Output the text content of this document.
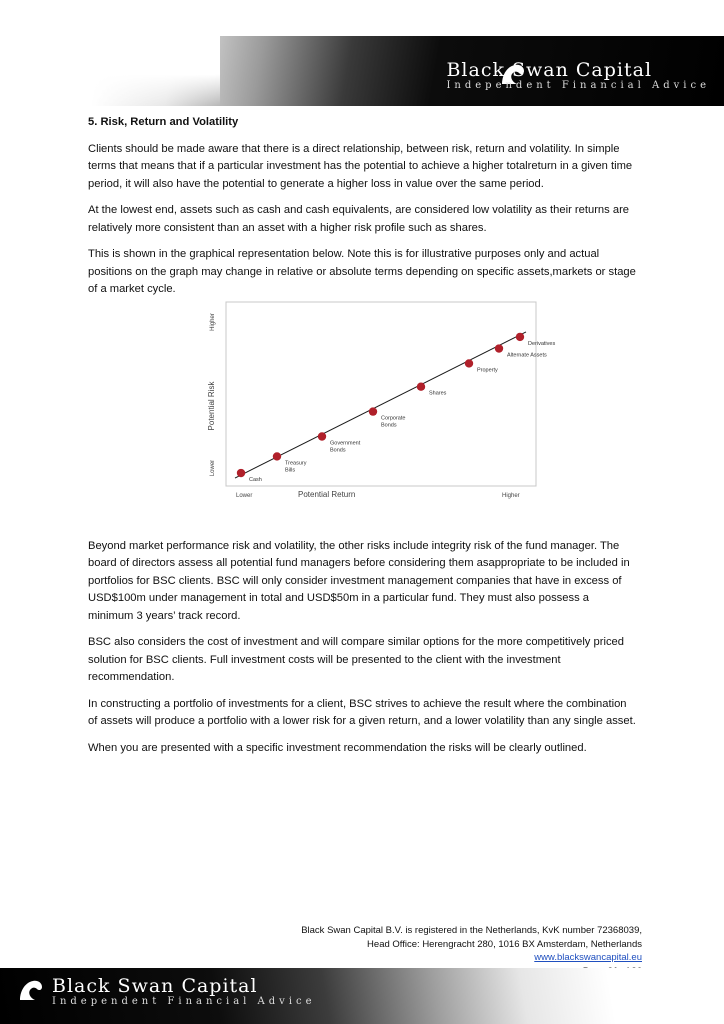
Black Swan Capital
Independent Financial Advice
5. Risk, Return and Volatility

Clients should be made aware that there is a direct relationship, between risk, return and volatility. In simple terms that means that if a particular investment has the potential to achieve a higher totalreturn in a given time period, it will also have the potential to generate a higher loss in value over the same period.

At the lowest end, assets such as cash and cash equivalents, are considered low volatility as their returns are relatively more consistent than an asset with a higher risk profile such as shares.

This is shown in the graphical representation below. Note this is for illustrative purposes only and actual positions on the graph may change in relative or absolute terms depending on specific assets,markets or stage of a market cycle.

Beyond market performance risk and volatility, the other risks include integrity risk of the fund manager. The board of directors assess all potential fund managers before considering them asappropriate to be included in portfolios for BSC clients. BSC will only consider investment management companies that have in excess of USD$100m under management in total and USD$50m in a particular fund. They must also possess a minimum 3 years’ track record.

BSC also considers the cost of investment and will compare similar options for the more competitively priced solution for BSC clients. Full investment costs will be presented to the client with the investment recommendation.

In constructing a portfolio of investments for a client, BSC strives to achieve the result where the combination of assets will produce a portfolio with a lower risk for a given return, and a lower volatility than any single asset.

When you are presented with a specific investment recommendation the risks will be clearly outlined.

Cash
Treasury Bills
Government Bonds
Corporate Bonds
Shares
Property
Alternate Assets
Derivatives
Higher
Potential Risk
Lower
Lower	Potential Return	Higher
Black Swan Capital B.V. is registered in the Netherlands, KvK number 72368039,
Head Office: Herengracht 280, 1016 BX Amsterdam, Netherlands
www.blackswancapital.eu
Black Swan Capital
Independent Financial Advice
